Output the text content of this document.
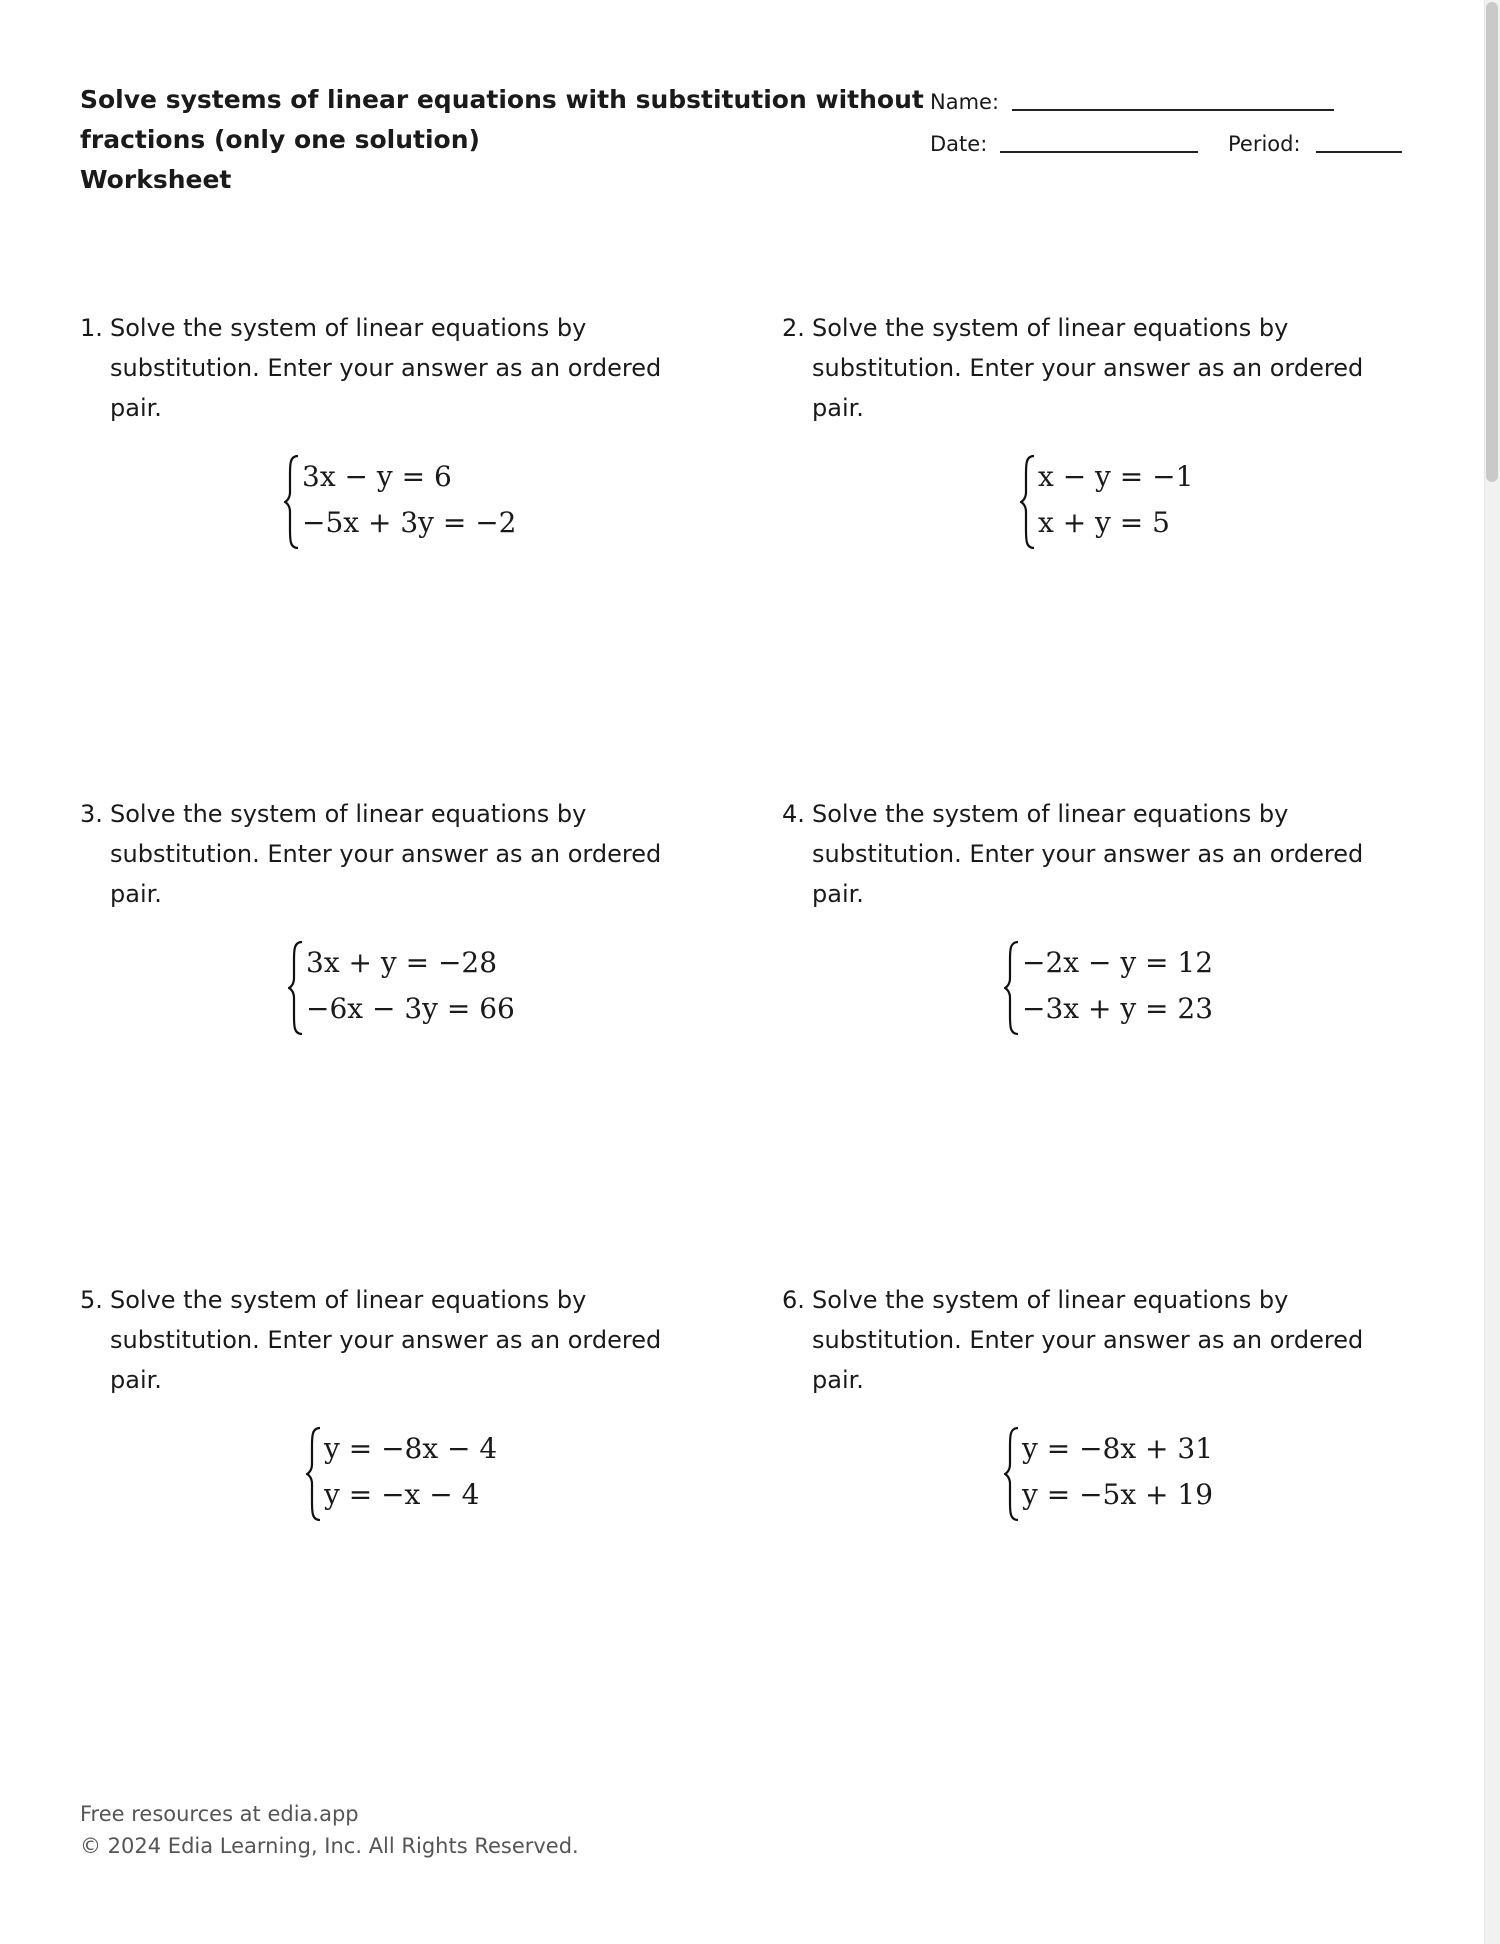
Solve systems of linear equations with substitution without
fractions (only one solution)
Worksheet
Name:
Date:	Period:
1. Solve the system of linear equations by
substitution. Enter your answer as an ordered
pair.
3x − y = 6
−5x + 3y = −2
2. Solve the system of linear equations by
substitution. Enter your answer as an ordered
pair.
x − y = −1
x + y = 5
3. Solve the system of linear equations by
substitution. Enter your answer as an ordered
pair.
3x + y = −28
−6x − 3y = 66
4. Solve the system of linear equations by
substitution. Enter your answer as an ordered
pair.
−2x − y = 12
−3x + y = 23
5. Solve the system of linear equations by
substitution. Enter your answer as an ordered
pair.
y = −8x − 4
y = −x − 4
6. Solve the system of linear equations by
substitution. Enter your answer as an ordered
pair.
y = −8x + 31
y = −5x + 19
Free resources at edia.app
© 2024 Edia Learning, Inc. All Rights Reserved.
